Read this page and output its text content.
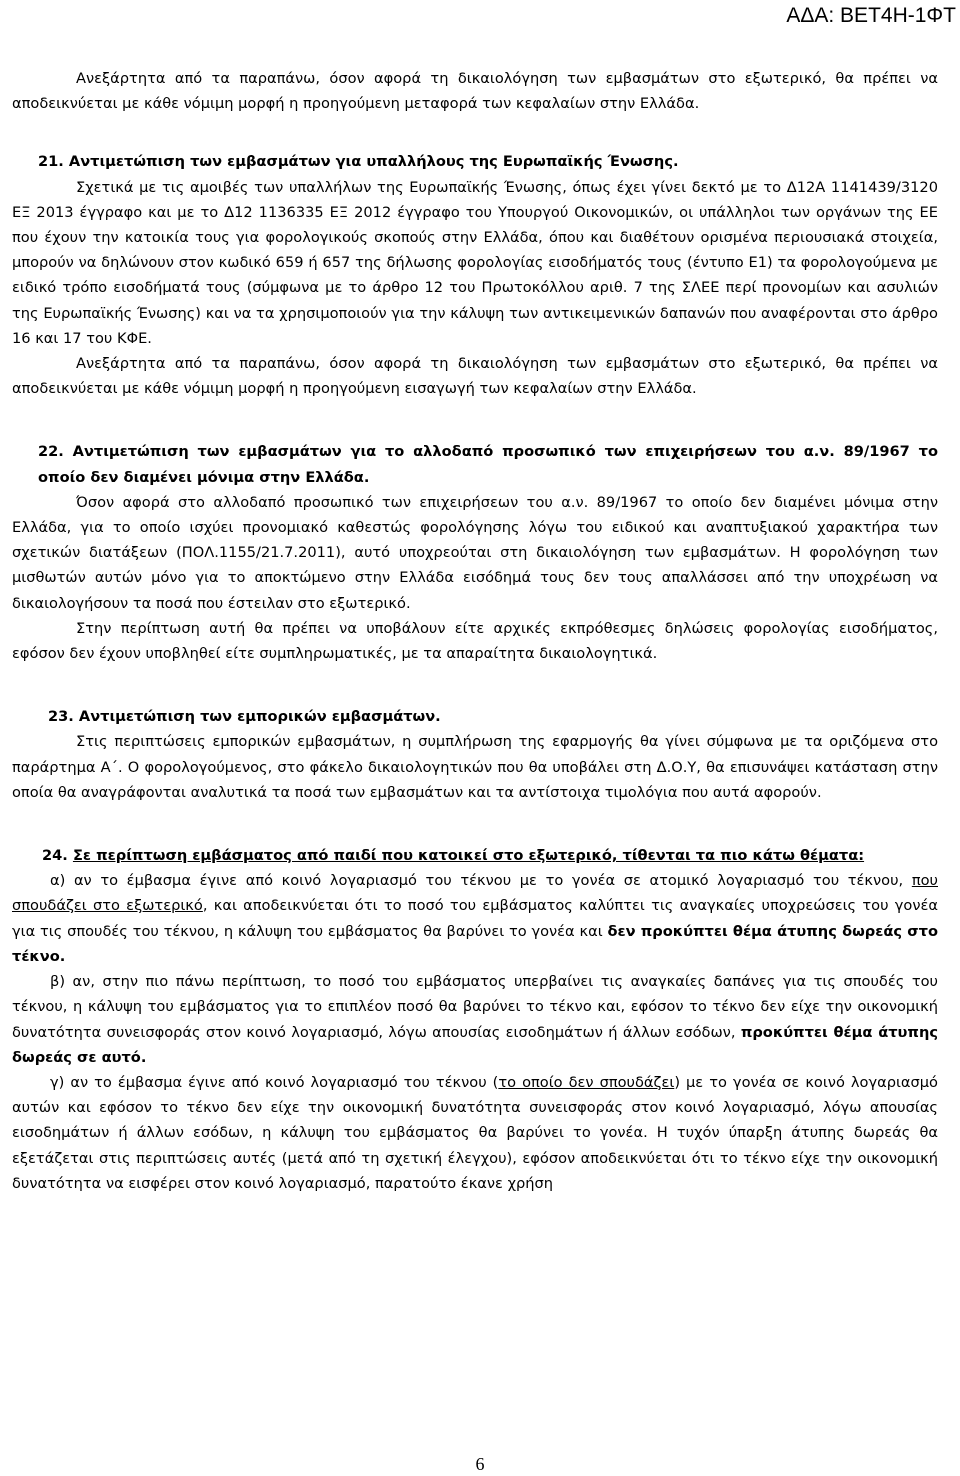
ΑΔΑ: ΒΕΤ4Η-1ΦΤ

Ανεξάρτητα από τα παραπάνω, όσον αφορά τη δικαιολόγηση των εμβασμάτων στο εξωτερικό, θα πρέπει να αποδεικνύεται με κάθε νόμιμη μορφή η προηγούμενη μεταφορά των κεφαλαίων στην Ελλάδα.

21. Αντιμετώπιση των εμβασμάτων για υπαλλήλους της Ευρωπαϊκής Ένωσης.

Σχετικά με τις αμοιβές των υπαλλήλων της Ευρωπαϊκής Ένωσης, όπως έχει γίνει δεκτό με το Δ12Α 1141439/3120 ΕΞ 2013 έγγραφο και με το Δ12 1136335 ΕΞ 2012 έγγραφο του Υπουργού Οικονομικών, οι υπάλληλοι των οργάνων της ΕΕ που έχουν την κατοικία τους για φορολογικούς σκοπούς στην Ελλάδα, όπου και διαθέτουν ορισμένα περιουσιακά στοιχεία, μπορούν να δηλώνουν στον κωδικό 659 ή 657 της δήλωσης φορολογίας εισοδήματός τους (έντυπο Ε1) τα φορολογούμενα με ειδικό τρόπο εισοδήματά τους (σύμφωνα με το άρθρο 12 του Πρωτοκόλλου αριθ. 7 της ΣΛΕΕ περί προνομίων και ασυλιών της Ευρωπαϊκής Ένωσης) και να τα χρησιμοποιούν για την κάλυψη των αντικειμενικών δαπανών που αναφέρονται στο άρθρο 16 και 17 του ΚΦΕ.

Ανεξάρτητα από τα παραπάνω, όσον αφορά τη δικαιολόγηση των εμβασμάτων στο εξωτερικό, θα πρέπει να αποδεικνύεται με κάθε νόμιμη μορφή η προηγούμενη εισαγωγή των κεφαλαίων στην Ελλάδα.

22. Αντιμετώπιση των εμβασμάτων για το αλλοδαπό προσωπικό των επιχειρήσεων του α.ν. 89/1967 το οποίο δεν διαμένει μόνιμα στην Ελλάδα.

Όσον αφορά στο αλλοδαπό προσωπικό των επιχειρήσεων του α.ν. 89/1967 το οποίο δεν διαμένει μόνιμα στην Ελλάδα, για το οποίο ισχύει προνομιακό καθεστώς φορολόγησης λόγω του ειδικού και αναπτυξιακού χαρακτήρα των σχετικών διατάξεων (ΠΟΛ.1155/21.7.2011), αυτό υποχρεούται στη δικαιολόγηση των εμβασμάτων. Η φορολόγηση των μισθωτών αυτών μόνο για το αποκτώμενο στην Ελλάδα εισόδημά τους δεν τους απαλλάσσει από την υποχρέωση να δικαιολογήσουν τα ποσά που έστειλαν στο εξωτερικό.

Στην περίπτωση αυτή θα πρέπει να υποβάλουν είτε αρχικές εκπρόθεσμες δηλώσεις φορολογίας εισοδήματος, εφόσον δεν έχουν υποβληθεί είτε συμπληρωματικές, με τα απαραίτητα δικαιολογητικά.

23. Αντιμετώπιση των εμπορικών εμβασμάτων.

Στις περιπτώσεις εμπορικών εμβασμάτων, η συμπλήρωση της εφαρμογής θα γίνει σύμφωνα με τα οριζόμενα στο παράρτημα Α΄. Ο φορολογούμενος, στο φάκελο δικαιολογητικών που θα υποβάλει στη Δ.Ο.Υ, θα επισυνάψει κατάσταση στην οποία θα αναγράφονται αναλυτικά τα ποσά των εμβασμάτων και τα αντίστοιχα τιμολόγια που αυτά αφορούν.

24. Σε περίπτωση εμβάσματος από παιδί που κατοικεί στο εξωτερικό, τίθενται τα πιο κάτω θέματα:

α) αν το έμβασμα έγινε από κοινό λογαριασμό του τέκνου με το γονέα σε ατομικό λογαριασμό του τέκνου, που σπουδάζει στο εξωτερικό, και αποδεικνύεται ότι το ποσό του εμβάσματος καλύπτει τις αναγκαίες υποχρεώσεις του γονέα για τις σπουδές του τέκνου, η κάλυψη του εμβάσματος θα βαρύνει το γονέα και δεν προκύπτει θέμα άτυπης δωρεάς στο τέκνο.

β) αν, στην πιο πάνω περίπτωση, το ποσό του εμβάσματος υπερβαίνει τις αναγκαίες δαπάνες για τις σπουδές του τέκνου, η κάλυψη του εμβάσματος για το επιπλέον ποσό θα βαρύνει το τέκνο και, εφόσον το τέκνο δεν είχε την οικονομική δυνατότητα συνεισφοράς στον κοινό λογαριασμό, λόγω απουσίας εισοδημάτων ή άλλων εσόδων, προκύπτει θέμα άτυπης δωρεάς σε αυτό.

γ) αν το έμβασμα έγινε από κοινό λογαριασμό του τέκνου (το οποίο δεν σπουδάζει) με το γονέα σε κοινό λογαριασμό αυτών και εφόσον το τέκνο δεν είχε την οικονομική δυνατότητα συνεισφοράς στον κοινό λογαριασμό, λόγω απουσίας εισοδημάτων ή άλλων εσόδων, η κάλυψη του εμβάσματος θα βαρύνει το γονέα. Η τυχόν ύπαρξη άτυπης δωρεάς θα εξετάζεται στις περιπτώσεις αυτές (μετά από τη σχετική έλεγχου), εφόσον αποδεικνύεται ότι το τέκνο είχε την οικονομική δυνατότητα να εισφέρει στον κοινό λογαριασμό, παρατούτο έκανε χρήση

6
